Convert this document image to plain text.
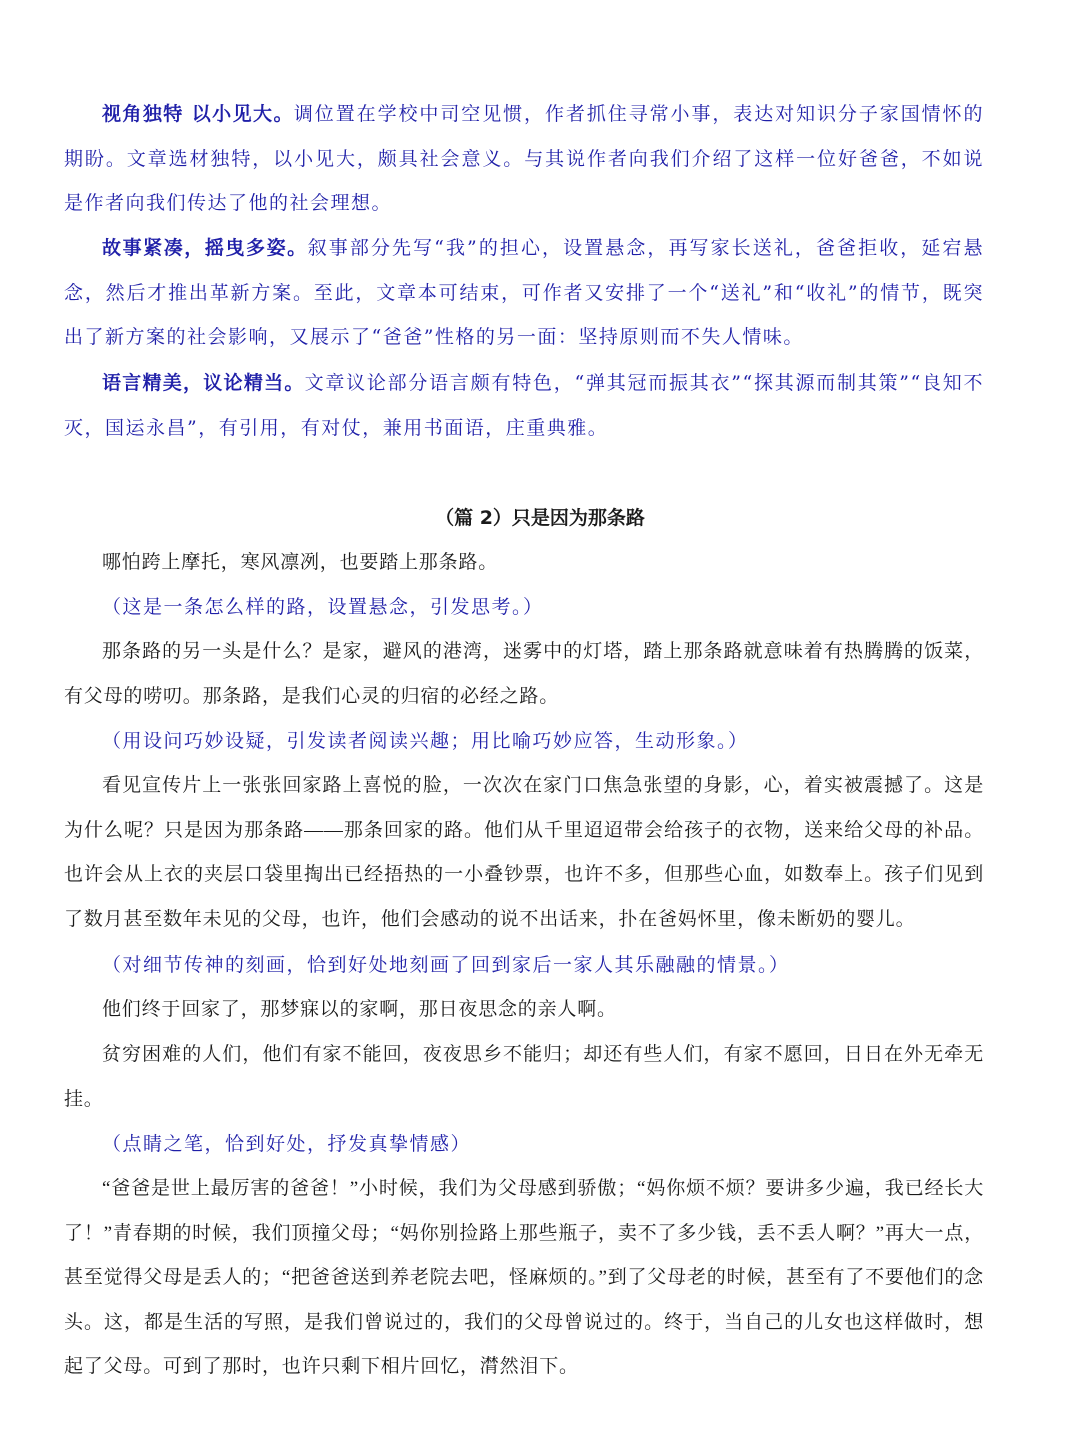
视角独特 以小见大。调位置在学校中司空见惯，作者抓住寻常小事，表达对知识分子家国情怀的期盼。文章选材独特，以小见大，颇具社会意义。与其说作者向我们介绍了这样一位好爸爸，不如说是作者向我们传达了他的社会理想。

故事紧凑，摇曳多姿。叙事部分先写“我”的担心，设置悬念，再写家长送礼，爸爸拒收，延宕悬念，然后才推出革新方案。至此，文章本可结束，可作者又安排了一个“送礼”和“收礼”的情节，既突出了新方案的社会影响，又展示了“爸爸”性格的另一面：坚持原则而不失人情味。

语言精美，议论精当。文章议论部分语言颇有特色，“弹其冠而振其衣”“探其源而制其策”“良知不灭，国运永昌”，有引用，有对仗，兼用书面语，庄重典雅。

（篇 2）只是因为那条路

哪怕跨上摩托，寒风凛冽，也要踏上那条路。

（这是一条怎么样的路，设置悬念，引发思考。）

那条路的另一头是什么？是家，避风的港湾，迷雾中的灯塔，踏上那条路就意味着有热腾腾的饭菜，有父母的唠叨。那条路，是我们心灵的归宿的必经之路。

（用设问巧妙设疑，引发读者阅读兴趣；用比喻巧妙应答，生动形象。）

看见宣传片上一张张回家路上喜悦的脸，一次次在家门口焦急张望的身影，心，着实被震撼了。这是为什么呢？只是因为那条路——那条回家的路。他们从千里迢迢带会给孩子的衣物，送来给父母的补品。也许会从上衣的夹层口袋里掏出已经捂热的一小叠钞票，也许不多，但那些心血，如数奉上。孩子们见到了数月甚至数年未见的父母，也许，他们会感动的说不出话来，扑在爸妈怀里，像未断奶的婴儿。

（对细节传神的刻画，恰到好处地刻画了回到家后一家人其乐融融的情景。）

他们终于回家了，那梦寐以的家啊，那日夜思念的亲人啊。

贫穷困难的人们，他们有家不能回，夜夜思乡不能归；却还有些人们，有家不愿回，日日在外无牵无挂。

（点睛之笔，恰到好处，抒发真挚情感）

“爸爸是世上最厉害的爸爸！”小时候，我们为父母感到骄傲；“妈你烦不烦？要讲多少遍，我已经长大了！”青春期的时候，我们顶撞父母；“妈你别捡路上那些瓶子，卖不了多少钱，丢不丢人啊？”再大一点，甚至觉得父母是丢人的；“把爸爸送到养老院去吧，怪麻烦的。”到了父母老的时候，甚至有了不要他们的念头。这，都是生活的写照，是我们曾说过的，我们的父母曾说过的。终于，当自己的儿女也这样做时，想起了父母。可到了那时，也许只剩下相片回忆，潸然泪下。
